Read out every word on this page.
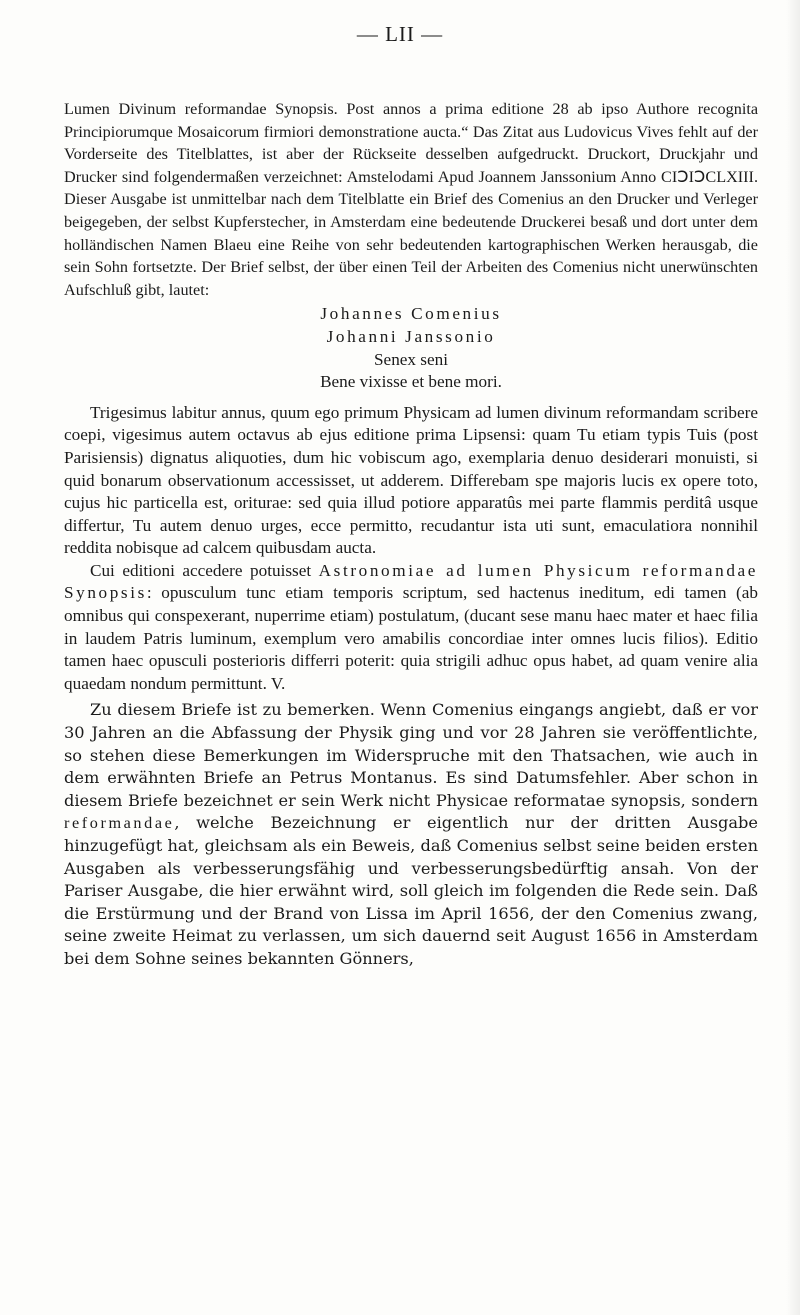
— LII —

Lumen Divinum reformandae Synopsis. Post annos a prima editione 28 ab ipso Authore recognita Principiorumque Mosaicorum firmiori demonstratione aucta.“ Das Zitat aus Ludovicus Vives fehlt auf der Vorderseite des Titelblattes, ist aber der Rückseite desselben aufgedruckt. Druckort, Druckjahr und Drucker sind folgendermaßen verzeichnet: Amstelodami Apud Joannem Janssonium Anno CIↃIↃCLXIII. Dieser Ausgabe ist unmittelbar nach dem Titelblatte ein Brief des Comenius an den Drucker und Verleger beigegeben, der selbst Kupferstecher, in Amsterdam eine bedeutende Druckerei besaß und dort unter dem holländischen Namen Blaeu eine Reihe von sehr bedeutenden kartographischen Werken herausgab, die sein Sohn fortsetzte. Der Brief selbst, der über einen Teil der Arbeiten des Comenius nicht unerwünschten Aufschluß gibt, lautet:

Johannes Comenius

Johanni Janssonio

Senex seni

Bene vixisse et bene mori.

Trigesimus labitur annus, quum ego primum Physicam ad lumen divinum reformandam scribere coepi, vigesimus autem octavus ab ejus editione prima Lipsensi: quam Tu etiam typis Tuis (post Parisiensis) dignatus aliquoties, dum hic vobiscum ago, exemplaria denuo desiderari monuisti, si quid bonarum observationum accessisset, ut adderem. Differebam spe majoris lucis ex opere toto, cujus hic particella est, oriturae: sed quia illud potiore apparatûs mei parte flammis perditâ usque differtur, Tu autem denuo urges, ecce permitto, recudantur ista uti sunt, emaculatiora nonnihil reddita nobisque ad calcem quibusdam aucta.

Cui editioni accedere potuisset Astronomiae ad lumen Physicum reformandae Synopsis: opusculum tunc etiam temporis scriptum, sed hactenus ineditum, edi tamen (ab omnibus qui conspexerant, nuperrime etiam) postulatum, (ducant sese manu haec mater et haec filia in laudem Patris luminum, exemplum vero amabilis concordiae inter omnes lucis filios). Editio tamen haec opusculi posterioris differri poterit: quia strigili adhuc opus habet, ad quam venire alia quaedam nondum permittunt. V.

Zu diesem Briefe ist zu bemerken. Wenn Comenius eingangs angiebt, daß er vor 30 Jahren an die Abfassung der Physik ging und vor 28 Jahren sie veröffentlichte, so stehen diese Bemerkungen im Widerspruche mit den Thatsachen, wie auch in dem erwähnten Briefe an Petrus Montanus. Es sind Datumsfehler. Aber schon in diesem Briefe bezeichnet er sein Werk nicht Physicae reformatae synopsis, sondern reformandae, welche Bezeichnung er eigentlich nur der dritten Ausgabe hinzugefügt hat, gleichsam als ein Beweis, daß Comenius selbst seine beiden ersten Ausgaben als verbesserungsfähig und verbesserungsbedürftig ansah. Von der Pariser Ausgabe, die hier erwähnt wird, soll gleich im folgenden die Rede sein. Daß die Erstürmung und der Brand von Lissa im April 1656, der den Comenius zwang, seine zweite Heimat zu verlassen, um sich dauernd seit August 1656 in Amsterdam bei dem Sohne seines bekannten Gönners,
